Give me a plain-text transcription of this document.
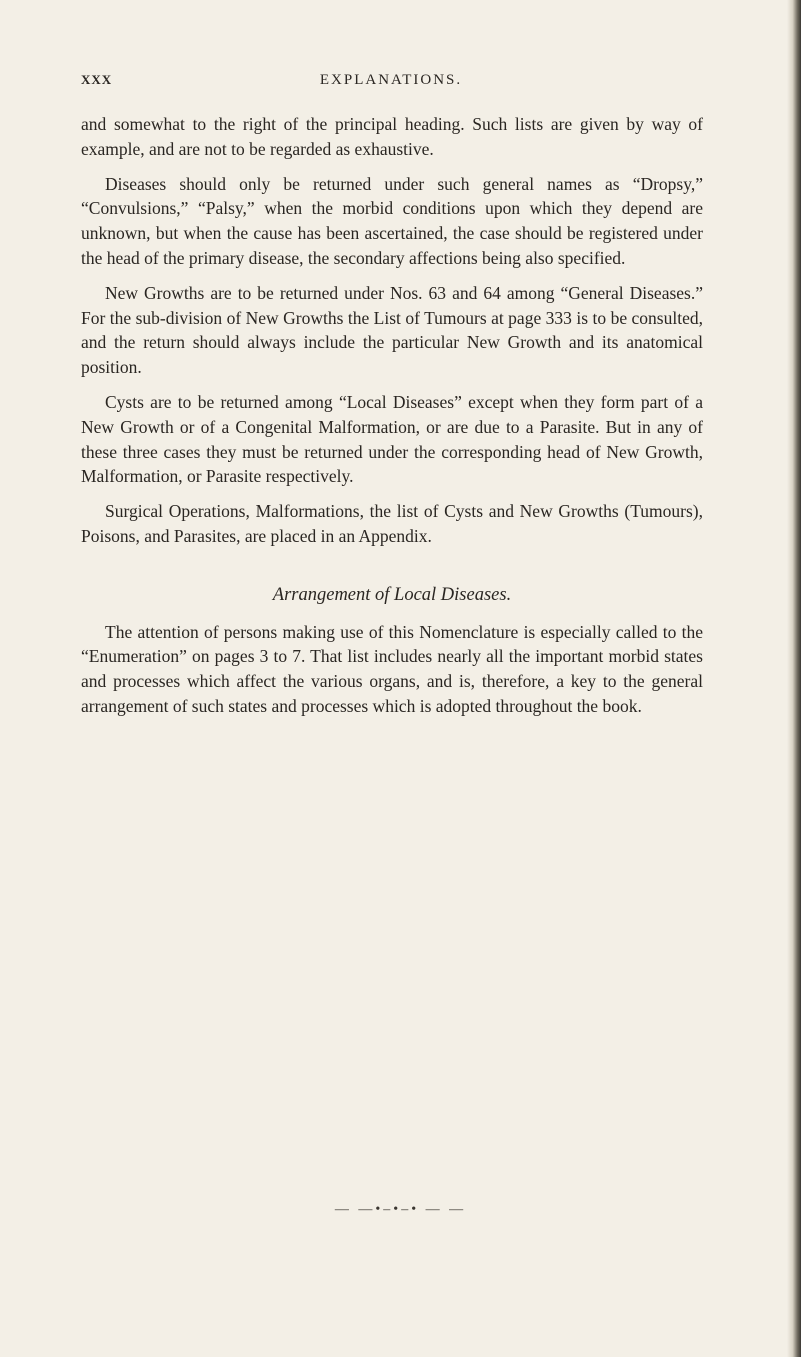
XXX	EXPLANATIONS.

and somewhat to the right of the principal heading. Such lists are given by way of example, and are not to be regarded as exhaustive.

Diseases should only be returned under such general names as “Dropsy,” “Convulsions,” “Palsy,” when the morbid conditions upon which they depend are unknown, but when the cause has been ascertained, the case should be registered under the head of the primary disease, the secondary affections being also specified.

New Growths are to be returned under Nos. 63 and 64 among “General Diseases.” For the sub-division of New Growths the List of Tumours at page 333 is to be consulted, and the return should always include the particular New Growth and its anatomical position.

Cysts are to be returned among “Local Diseases” except when they form part of a New Growth or of a Congenital Malformation, or are due to a Parasite. But in any of these three cases they must be returned under the corresponding head of New Growth, Malformation, or Parasite respectively.

Surgical Operations, Malformations, the list of Cysts and New Growths (Tumours), Poisons, and Parasites, are placed in an Appendix.

Arrangement of Local Diseases.

The attention of persons making use of this Nomenclature is especially called to the “Enumeration” on pages 3 to 7. That list includes nearly all the important morbid states and processes which affect the various organs, and is, therefore, a key to the general arrangement of such states and processes which is adopted throughout the book.

— —•–•–• — —
